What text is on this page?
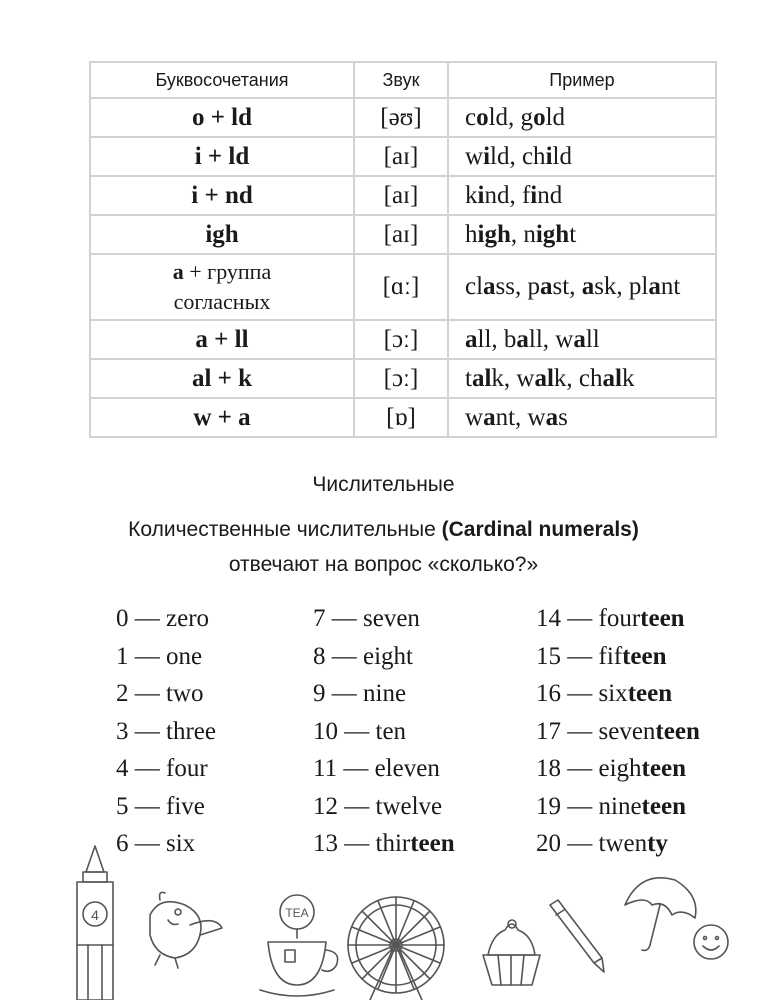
Буквосочетания	Звук	Пример
o + ld	[əʊ]	cold, gold
i + ld	[aɪ]	wild, child
i + nd	[aɪ]	kind, find
igh	[aɪ]	high, night
a + группа
согласных	[ɑː]	class, past, ask, plant
a + ll	[ɔː]	all, ball, wall
al + k	[ɔː]	talk, walk, chalk
w + a	[ɒ]	want, was
Числительные
Количественные числительные (Cardinal numerals)
отвечают на вопрос «сколько?»
0 — zero
1 — one
2 — two
3 — three
4 — four
5 — five
6 — six
7 — seven
8 — eight
9 — nine
10 — ten
11 — eleven
12 — twelve
13 — thirteen
14 — fourteen
15 — fifteen
16 — sixteen
17 — seventeen
18 — eighteen
19 — nineteen
20 — twenty
4	TEA
